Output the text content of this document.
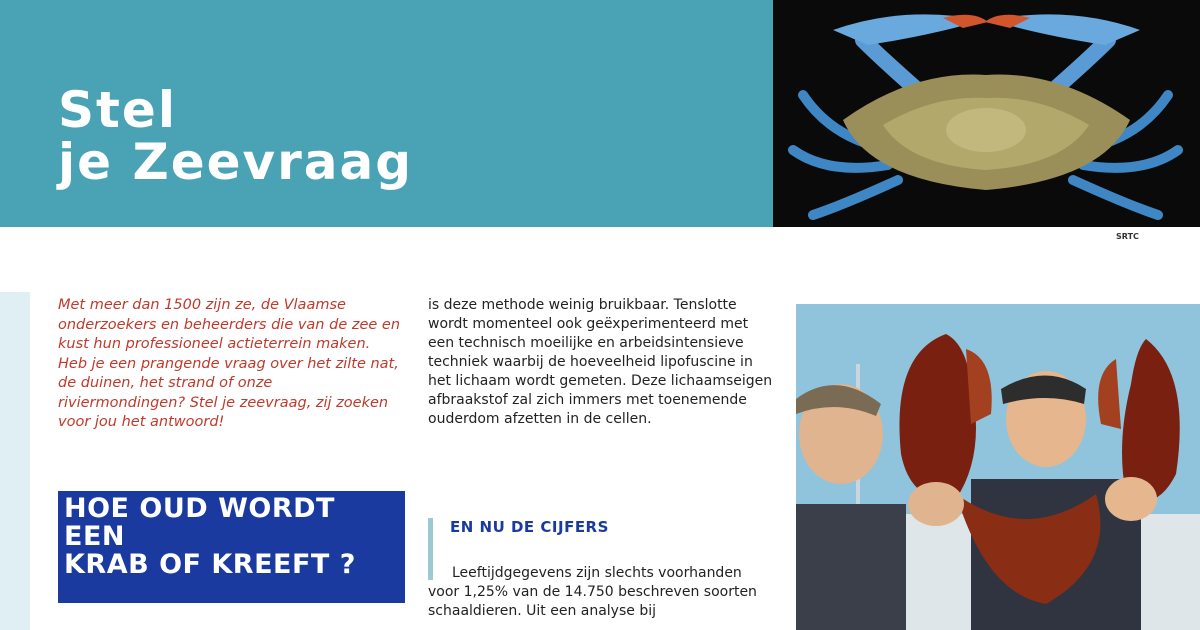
Stel
je Zeevraag
SRTC

Met meer dan 1500 zijn ze, de Vlaamse onderzoekers en beheerders die van de zee en kust hun professioneel actieterrein maken. Heb je een prangende vraag over het zilte nat, de duinen, het strand of onze riviermondingen? Stel je zeevraag, zij zoeken voor jou het antwoord!

HOE OUD WORDT
EEN
KRAB OF KREEFT ?

is deze methode weinig bruikbaar. Tenslotte wordt momenteel ook geëxperimenteerd met een technisch moeilijke en arbeidsintensieve techniek waarbij de hoeveelheid lipofuscine in het lichaam wordt gemeten. Deze lichaamseigen afbraakstof zal zich immers met toenemende ouderdom afzetten in de cellen.

EN NU DE CIJFERS

Leeftijdgegevens zijn slechts voorhanden voor 1,25% van de 14.750 beschreven soorten schaaldieren. Uit een analyse bij
